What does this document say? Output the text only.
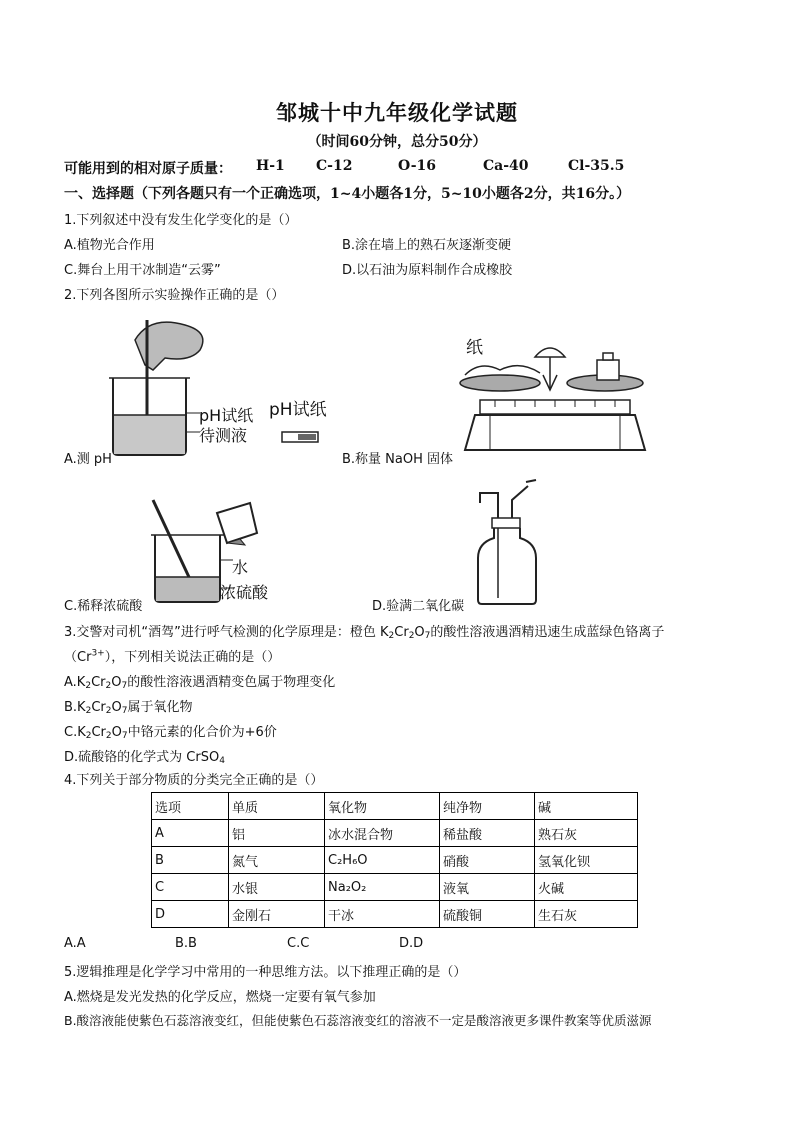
邹城十中九年级化学试题
（时间60分钟，总分50分）
可能用到的相对原子质量： H-1 C-12	O-16	Ca-40	Cl-35.5
一、选择题（下列各题只有一个正确选项，1~4小题各1分，5~10小题各2分，共16分。）
1.下列叙述中没有发生化学变化的是（）
A.植物光合作用	B.涂在墙上的熟石灰逐渐变硬
C.舞台上用干冰制造“云雾”	D.以石油为原料制作合成橡胶
2.下列各图所示实验操作正确的是（）
pH试纸
待测液
pH试纸
A.测 pH
纸
B.称量 NaOH 固体
水
浓硫酸
C.稀释浓硫酸	D.验满二氧化碳
3.交警对司机“酒驾”进行呼气检测的化学原理是：橙色 $K_2Cr_2O_7$的酸性溶液遇酒精迅速生成蓝绿色铬离子
$(Cr^{3+})$，下列相关说法正确的是（）
$A.K_2Cr_2O_7$的酸性溶液遇酒精变色属于物理变化
$B.K_2Cr_2O_7$属于氧化物
$C.K_2Cr_2O_7$中铬元素的化合价为+6价
D.硫酸铬的化学式为 CrSO$_4$
4.下列关于部分物质的分类完全正确的是（）
选项	单质	氧化物	纯净物	碱
A	铝	冰水混合物	稀盐酸	熟石灰
B	氮气	C₂H₆O	硝酸	氢氧化钡
C	水银	Na₂O₂	液氧	火碱
D	金刚石	干冰	硫酸铜	生石灰
A.A	B.B	C.C	D.D
5.逻辑推理是化学学习中常用的一种思维方法。以下推理正确的是（）
A.燃烧是发光发热的化学反应，燃烧一定要有氧气参加
B.酸溶液能使紫色石蕊溶液变红，但能使紫色石蕊溶液变红的溶液不一定是酸溶液更多课件教案等优质滋源
